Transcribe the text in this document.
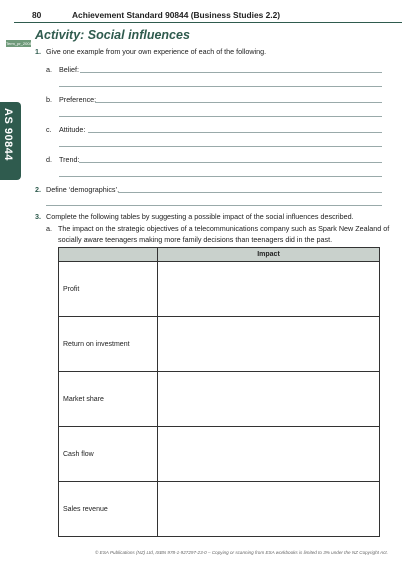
80	Achievement Standard 90844 (Business Studies 2.2)
Term_pr_2008
AS 90844
Activity: Social influences
1. Give one example from your own experience of each of the following.
a. Belief:
b. Preference:
c. Attitude:
d. Trend:
2. Define ‘demographics’.
3. Complete the following tables by suggesting a possible impact of the social influences described.
a. The impact on the strategic objectives of a telecommunications company such as Spark New Zealand of
socially aware teenagers making more family decisions than teenagers did in the past.
	Impact
Profit	
Return on investment	
Market share	
Cash flow	
Sales revenue	
© ESA Publications (NZ) Ltd, ISBN 978-1-927297-23-0 – Copying or scanning from ESA workbooks is limited to 3% under the NZ Copyright Act.
